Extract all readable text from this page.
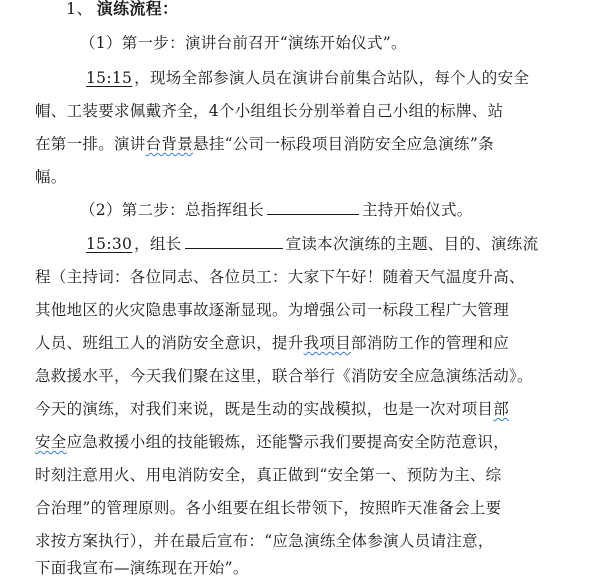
1、 演练流程：
（1）第一步：演讲台前召开“演练开始仪式”。
15:15 ，现场全部参演人员在演讲台前集合站队，每个人的安全
帽、工装要求佩戴齐全，4个小组组长分别举着自己小组的标牌、站
在第一排。演讲台背景悬挂“公司一标段项目消防安全应急演练”条
幅。
（2）第二步：总指挥组长	主持开始仪式。
15:30 ，组长	宣读本次演练的主题、目的、演练流
程（主持词：各位同志、各位员工：大家下午好！随着天气温度升高、
其他地区的火灾隐患事故逐渐显现。为增强公司一标段工程广大管理
人员、班组工人的消防安全意识，提升我项目部消防工作的管理和应
急救援水平，今天我们聚在这里，联合举行《消防安全应急演练活动》。
今天的演练，对我们来说，既是生动的实战模拟，也是一次对项目部
安全应急救援小组的技能锻炼，还能警示我们要提高安全防范意识，
时刻注意用火、用电消防安全，真正做到“安全第一、预防为主、综
合治理”的管理原则。各小组要在组长带领下，按照昨天准备会上要
求按方案执行），并在最后宣布：“应急演练全体参演人员请注意，
下面我宣布—演练现在开始”。
